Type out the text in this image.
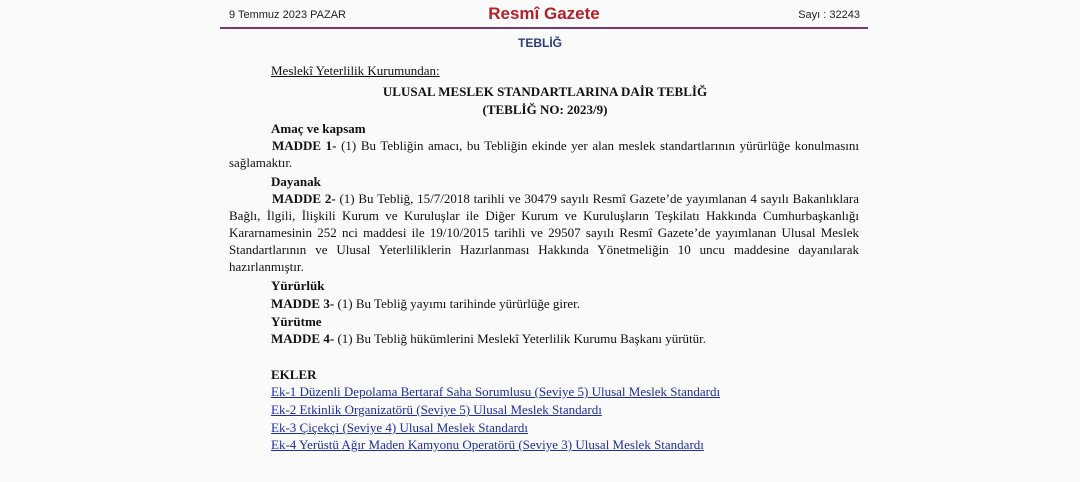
9 Temmuz 2023 PAZAR	Resmî Gazete	Sayı : 32243
TEBLİĞ
Meslekî Yeterlilik Kurumundan:
ULUSAL MESLEK STANDARTLARINA DAİR TEBLİĞ
(TEBLİĞ NO: 2023/9)
Amaç ve kapsam
MADDE 1- (1) Bu Tebliğin amacı, bu Tebliğin ekinde yer alan meslek standartlarının yürürlüğe konulmasını sağlamaktır.
Dayanak
MADDE 2- (1) Bu Tebliğ, 15/7/2018 tarihli ve 30479 sayılı Resmî Gazete’de yayımlanan 4 sayılı Bakanlıklara Bağlı, İlgili, İlişkili Kurum ve Kuruluşlar ile Diğer Kurum ve Kuruluşların Teşkilatı Hakkında Cumhurbaşkanlığı Kararnamesinin 252 nci maddesi ile 19/10/2015 tarihli ve 29507 sayılı Resmî Gazete’de yayımlanan Ulusal Meslek Standartlarının ve Ulusal Yeterliliklerin Hazırlanması Hakkında Yönetmeliğin 10 uncu maddesine dayanılarak hazırlanmıştır.
Yürürlük
MADDE 3- (1) Bu Tebliğ yayımı tarihinde yürürlüğe girer.
Yürütme
MADDE 4- (1) Bu Tebliğ hükümlerini Meslekî Yeterlilik Kurumu Başkanı yürütür.
EKLER
Ek-1 Düzenli Depolama Bertaraf Saha Sorumlusu (Seviye 5) Ulusal Meslek Standardı
Ek-2 Etkinlik Organizatörü (Seviye 5) Ulusal Meslek Standardı
Ek-3 Çiçekçi (Seviye 4) Ulusal Meslek Standardı
Ek-4 Yerüstü Ağır Maden Kamyonu Operatörü (Seviye 3) Ulusal Meslek Standardı
